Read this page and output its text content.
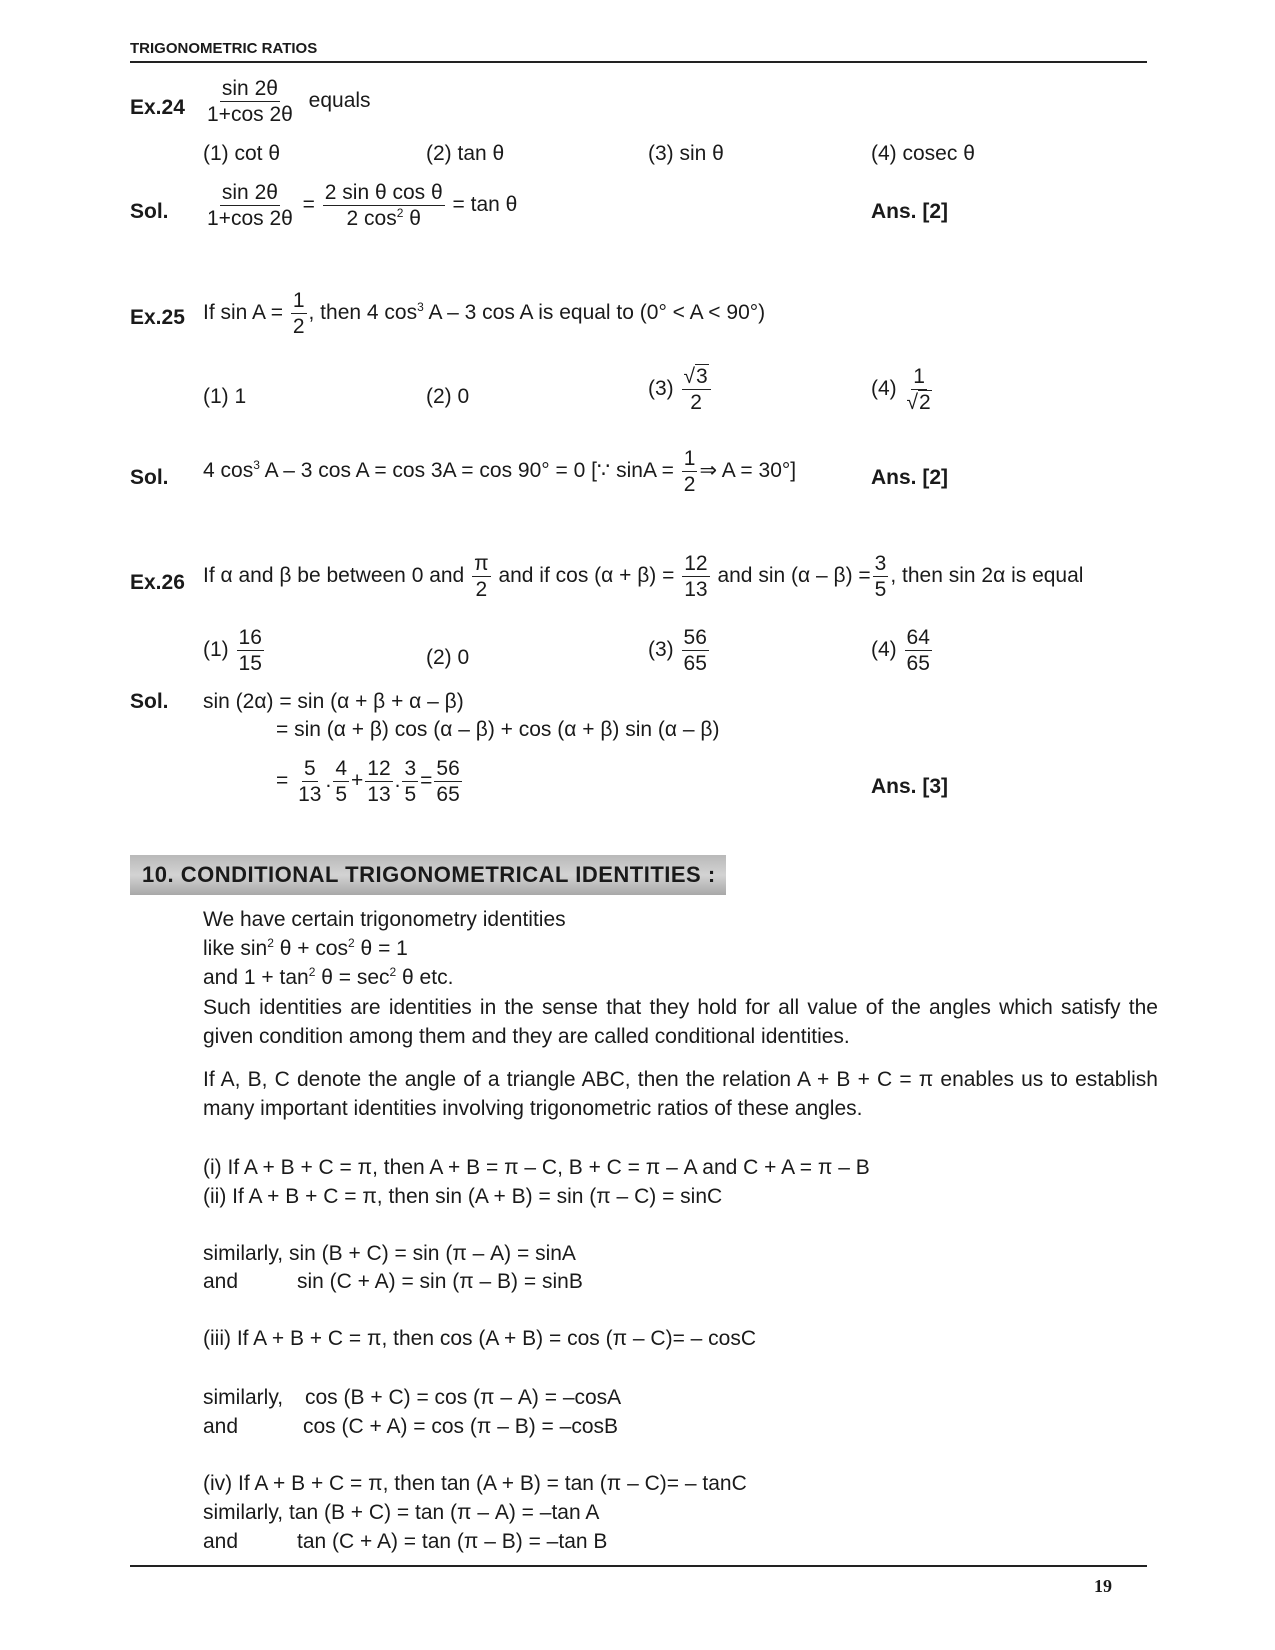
TRIGONOMETRIC RATIOS
$Ex.24 \frac{\sin 2\theta}{1+\cos 2\theta}$ equals
(1) cot θ	(2) tan θ	(3) sin θ	(4) cosec θ
Sol. $\frac{\sin 2\theta}{1+\cos 2\theta} = \frac{\text{2 sin θ cos θ}}{2 \cos^2 \theta} = \tan \theta$	Ans. [2]
Ex.25 If $\sin A = \frac{1}{2}$ , then 4 $\cos^3 A - 3$ cos A is equal to (0° < A < 90°)
(1) 1	(2) 0	$(3) \frac{√3}{2}$	$(4) \frac{1}{√2}$
Sol. 4 $\cos^3 A - 3$ cos A = cos 3A = cos 90° = 0 [∵ $\sin A = \frac{1}{2}$ ⇒ A = 30°]	Ans. [2]
Ex.26 If α and β be between 0 and $\frac{\pi}{2}$ and if $\cos (\alpha + \beta) = \frac{12}{13}$ and $\sin (\alpha - \beta) = \frac{3}{5}$ , then sin 2α is equal
$(1) \frac{16}{15}$	(2) 0	$(3) \frac{56}{65}$	$(4) \frac{64}{65}$
Sol. sin (2α) = sin (α + β + α – β)
= sin (α + β) cos (α – β) + cos (α + β) sin (α – β)
= $\frac{5}{13}$ . $\frac{4}{5} + \frac{12}{13}$ . $\frac{3}{5} = \frac{56}{65}$	Ans. [3]
10. CONDITIONAL TRIGONOMETRICAL IDENTITIES :
We have certain trigonometry identities
like $\sin^2 \theta + \cos^2 \theta = 1$
and $1 + \tan^2 \theta = \sec^2 \theta$ etc.

Such identities are identities in the sense that they hold for all value of the angles which satisfy the given condition among them and they are called conditional identities.

If A, B, C denote the angle of a triangle ABC, then the relation A + B + C = π enables us to establish many important identities involving trigonometric ratios of these angles.

(i) If A + B + C = π, then A + B = π – C, B + C = π – A and C + A = π – B
(ii) If A + B + C = π, then sin (A + B) = sin (π – C) = sinC
similarly, sin (B + C) = sin (π – A) = sinA
and	sin (C + A) = sin (π – B) = sinB
(iii) If A + B + C = π, then cos (A + B) = cos (π – C)= – cosC
similarly, cos (B + C) = cos (π – A) = –cosA
and	cos (C + A) = cos (π – B) = –cosB
(iv) If A + B + C = π, then tan (A + B) = tan (π – C)= – tanC
similarly, tan (B + C) = tan (π – A) = –tan A
and	tan (C + A) = tan (π – B) = –tan B
19
